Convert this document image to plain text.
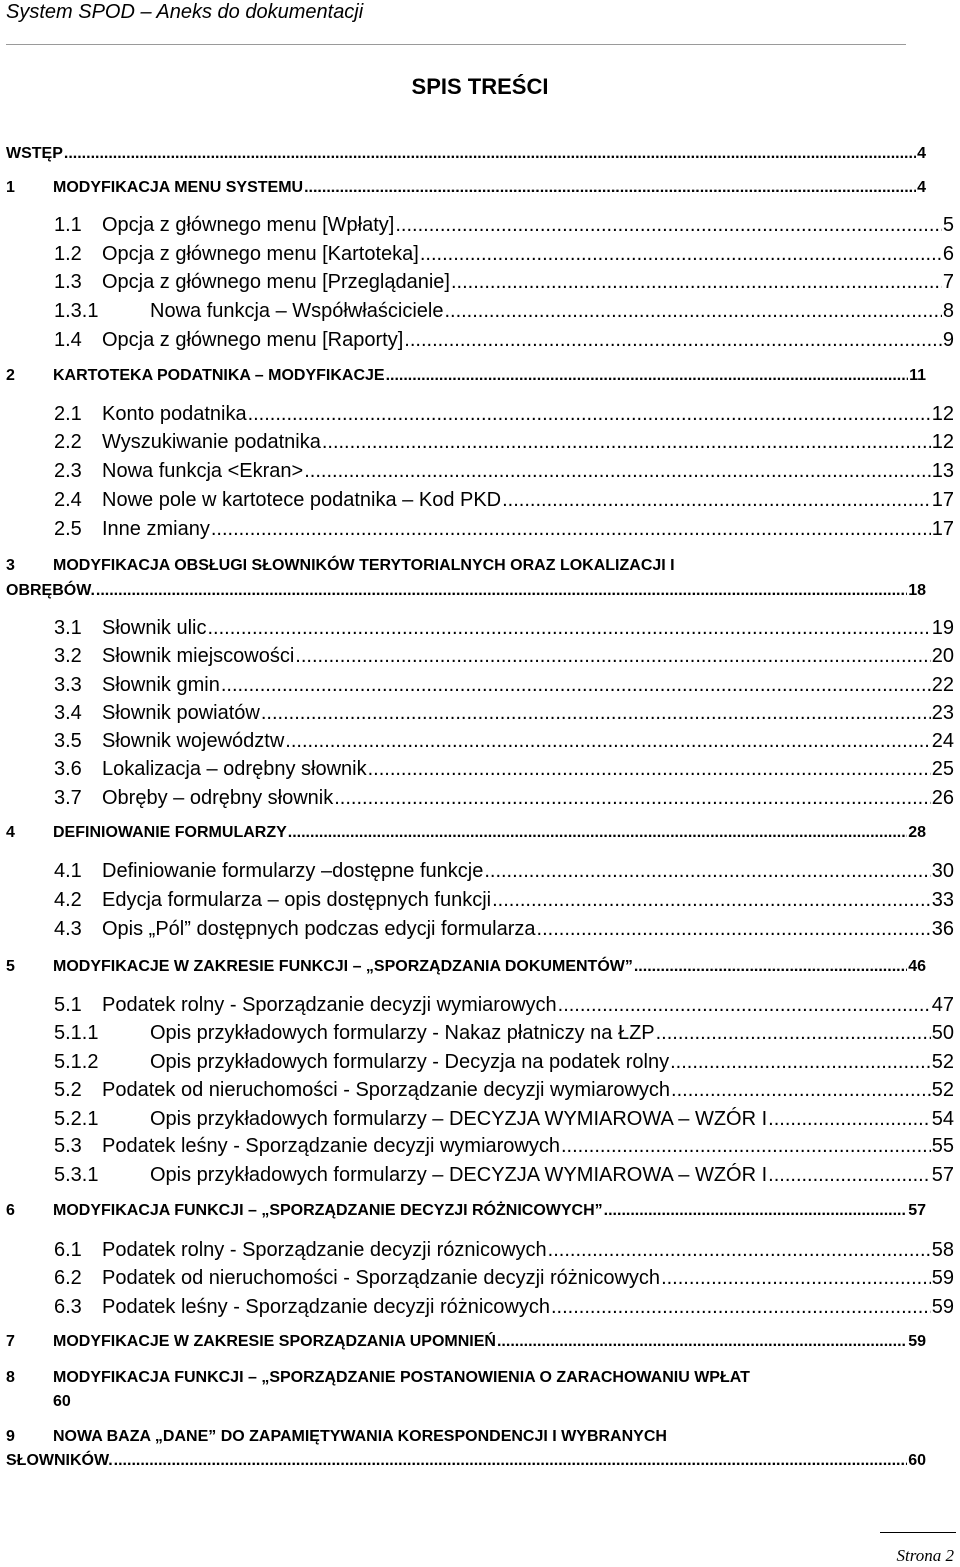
System SPOD – Aneks do dokumentacji
SPIS TREŚCI
WSTĘP .....	4
1	MODYFIKACJA MENU SYSTEMU .....	4
1.1	Opcja z głównego menu [Wpłaty] .....	5
1.2	Opcja z głównego menu [Kartoteka] .....	6
1.3	Opcja z głównego menu [Przeglądanie] .....	7
1.3.1	Nowa funkcja – Współwłaściciele .....	8
1.4	Opcja z głównego menu [Raporty] .....	9
2	KARTOTEKA PODATNIKA – MODYFIKACJE .....	11
2.1	Konto podatnika .....	12
2.2	Wyszukiwanie podatnika .....	12
2.3	Nowa funkcja <Ekran> .....	13
2.4	Nowe pole w kartotece podatnika – Kod PKD .....	17
2.5	Inne zmiany .....	17
3 MODYFIKACJA OBSŁUGI SŁOWNIKÓW TERYTORIALNYCH ORAZ LOKALIZACJI I
OBRĘBÓW. .....	18
3.1	Słownik ulic .....	19
3.2	Słownik miejscowości .....	20
3.3	Słownik gmin .....	22
3.4	Słownik powiatów .....	23
3.5	Słownik województw .....	24
3.6	Lokalizacja – odrębny słownik .....	25
3.7	Obręby – odrębny słownik .....	26
4	DEFINIOWANIE FORMULARZY .....	28
4.1	Definiowanie formularzy –dostępne funkcje .....	30
4.2	Edycja formularza – opis dostępnych funkcji .....	33
4.3	Opis „Pól” dostępnych podczas edycji formularza .....	36
5	MODYFIKACJE W ZAKRESIE FUNKCJI – „SPORZĄDZANIA DOKUMENTÓW” .....	46
5.1	Podatek rolny - Sporządzanie decyzji wymiarowych .....	47
5.1.1	Opis przykładowych formularzy - Nakaz płatniczy na ŁZP .....	50
5.1.2	Opis przykładowych formularzy - Decyzja na podatek rolny .....	52
5.2	Podatek od nieruchomości - Sporządzanie decyzji wymiarowych .....	52
5.2.1	Opis przykładowych formularzy – DECYZJA WYMIAROWA – WZÓR I .....	54
5.3	Podatek leśny - Sporządzanie decyzji wymiarowych .....	55
5.3.1	Opis przykładowych formularzy – DECYZJA WYMIAROWA – WZÓR I .....	57
6	MODYFIKACJA FUNKCJI – „SPORZĄDZANIE DECYZJI RÓŻNICOWYCH” .....	57
6.1	Podatek rolny - Sporządzanie decyzji róznicowych .....	58
6.2	Podatek od nieruchomości - Sporządzanie decyzji różnicowych .....	59
6.3	Podatek leśny - Sporządzanie decyzji różnicowych .....	59
7	MODYFIKACJE W ZAKRESIE SPORZĄDZANIA UPOMNIEŃ .....	59
8 MODYFIKACJA FUNKCJI – „SPORZĄDZANIE POSTANOWIENIA O ZARACHOWANIU WPŁAT
60
9 NOWA BAZA „DANE” DO ZAPAMIĘTYWANIA KORESPONDENCJI I WYBRANYCH
SŁOWNIKÓW. .....	60
Strona 2
